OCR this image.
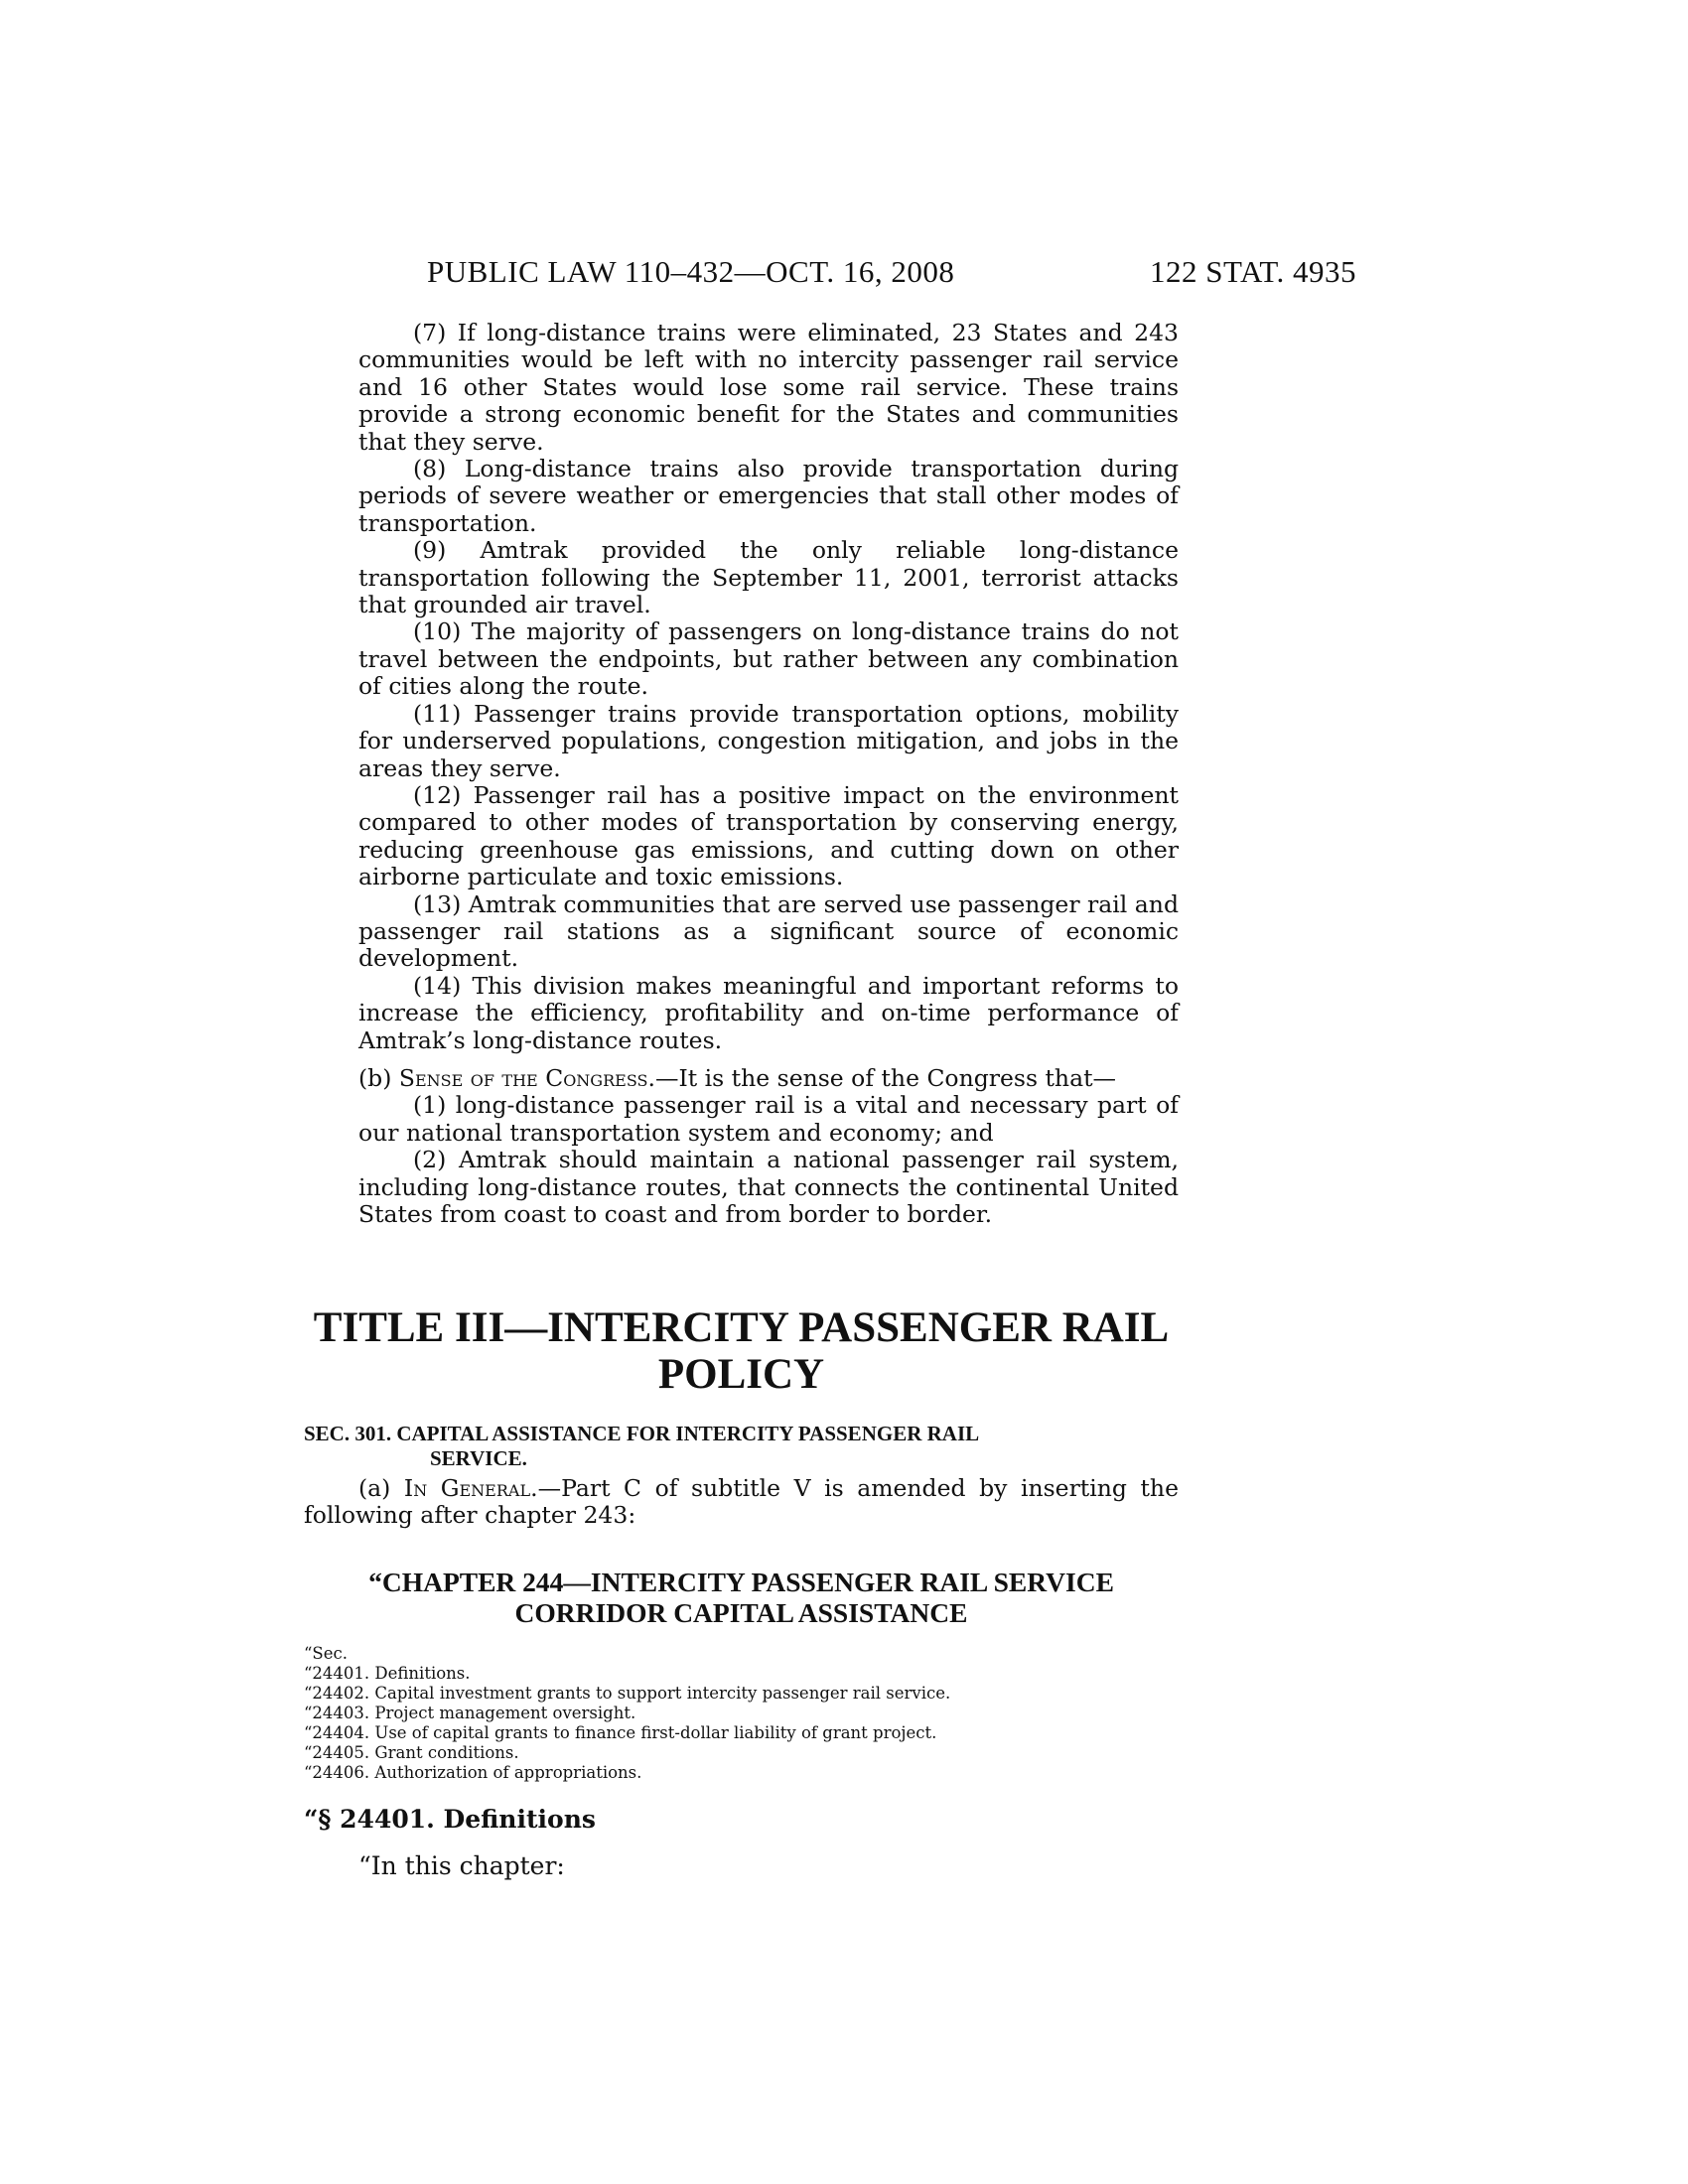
PUBLIC LAW 110–432—OCT. 16, 2008	122 STAT. 4935

(7) If long-distance trains were eliminated, 23 States and 243 communities would be left with no intercity passenger rail service and 16 other States would lose some rail service. These trains provide a strong economic benefit for the States and communities that they serve.

(8) Long-distance trains also provide transportation during periods of severe weather or emergencies that stall other modes of transportation.

(9) Amtrak provided the only reliable long-distance transportation following the September 11, 2001, terrorist attacks that grounded air travel.

(10) The majority of passengers on long-distance trains do not travel between the endpoints, but rather between any combination of cities along the route.

(11) Passenger trains provide transportation options, mobility for underserved populations, congestion mitigation, and jobs in the areas they serve.

(12) Passenger rail has a positive impact on the environment compared to other modes of transportation by conserving energy, reducing greenhouse gas emissions, and cutting down on other airborne particulate and toxic emissions.

(13) Amtrak communities that are served use passenger rail and passenger rail stations as a significant source of economic development.

(14) This division makes meaningful and important reforms to increase the efficiency, profitability and on-time performance of Amtrak’s long-distance routes.

(b) Sense of the Congress.—It is the sense of the Congress that—

(1) long-distance passenger rail is a vital and necessary part of our national transportation system and economy; and

(2) Amtrak should maintain a national passenger rail system, including long-distance routes, that connects the continental United States from coast to coast and from border to border.

TITLE III—INTERCITY PASSENGER RAIL POLICY
SEC. 301. CAPITAL ASSISTANCE FOR INTERCITY PASSENGER RAIL
SERVICE.

(a) In General.—Part C of subtitle V is amended by inserting the following after chapter 243:

“CHAPTER 244—INTERCITY PASSENGER RAIL SERVICE CORRIDOR CAPITAL ASSISTANCE
“Sec.
“24401. Definitions.
“24402. Capital investment grants to support intercity passenger rail service.
“24403. Project management oversight.
“24404. Use of capital grants to finance first-dollar liability of grant project.
“24405. Grant conditions.
“24406. Authorization of appropriations.
“§ 24401. Definitions
“In this chapter:
